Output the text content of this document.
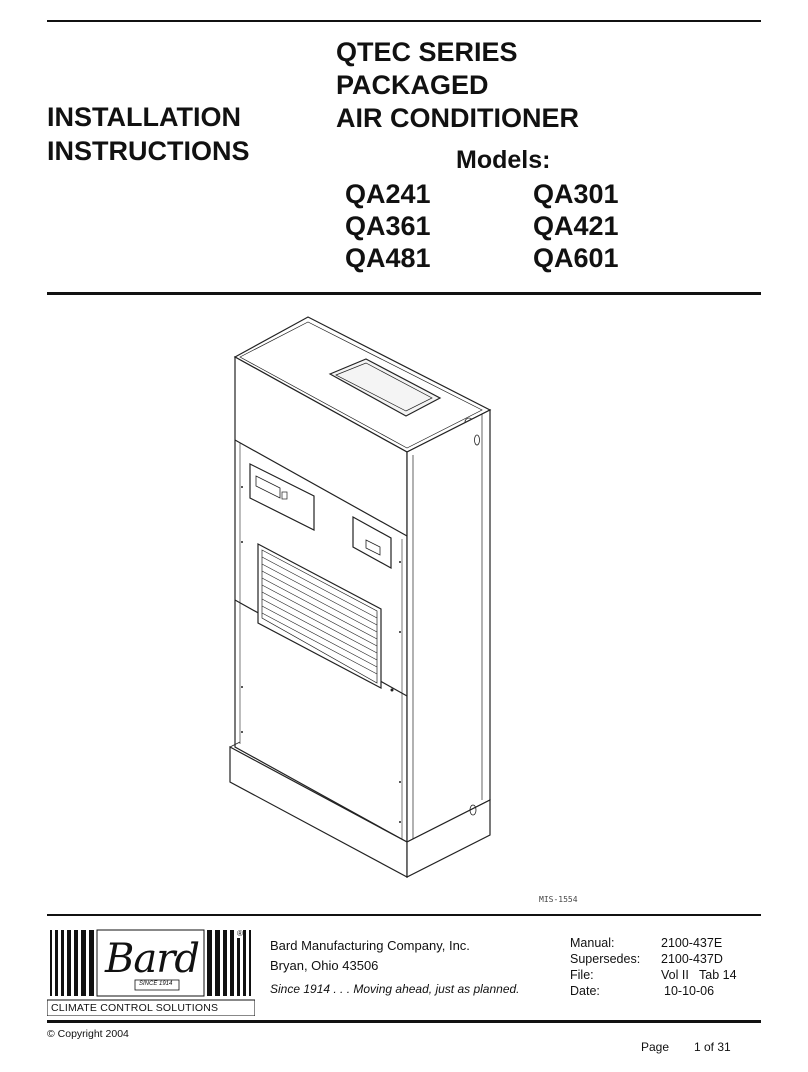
INSTALLATION
INSTRUCTIONS
QTEC SERIES
PACKAGED
AIR CONDITIONER
Models:
QA241	QA301
QA361	QA421
QA481	QA601
MIS-1554
Bard
SINCE 1914
®
CLIMATE CONTROL SOLUTIONS
Bard Manufacturing Company, Inc.
Bryan, Ohio 43506
Since 1914 . . . Moving ahead, just as planned.
Manual:	2100-437E
Supersedes: 2100-437D
File:	Vol II   Tab 14
Date:	10-10-06
© Copyright 2004
Page 1 of 31
